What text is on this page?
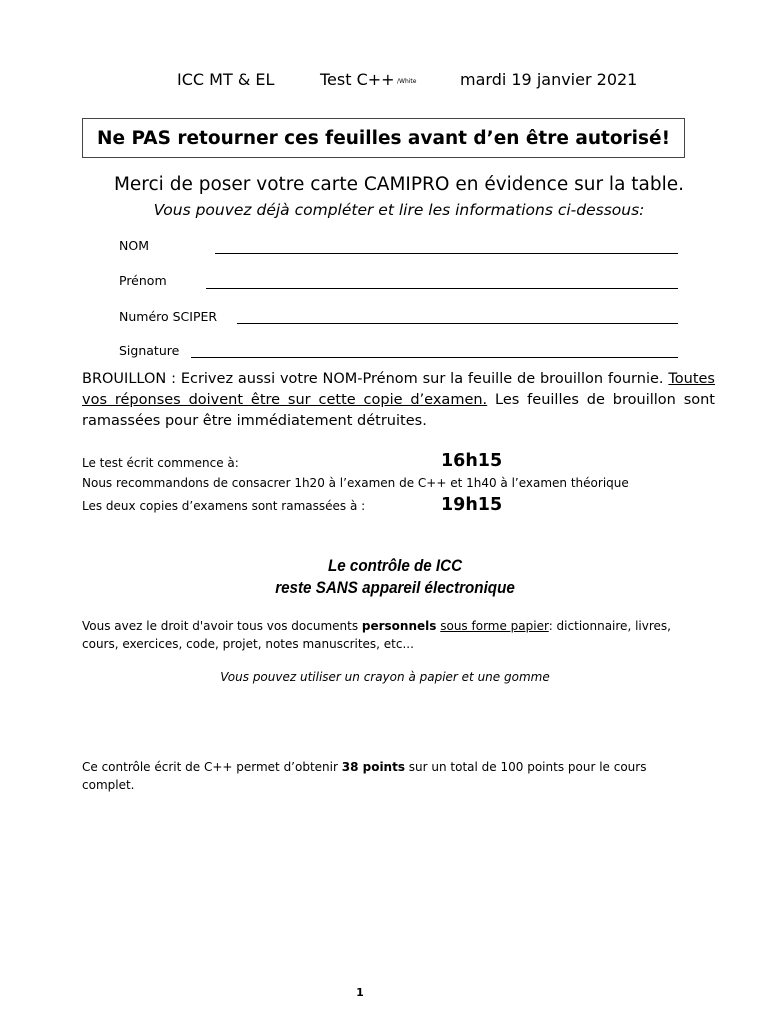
ICC MT & EL	Test C++ /White	mardi 19 janvier 2021
Ne PAS retourner ces feuilles avant d’en être autorisé!
Merci de poser votre carte CAMIPRO en évidence sur la table.
Vous pouvez déjà compléter et lire les informations ci-dessous:
NOM
Prénom
Numéro SCIPER
Signature
BROUILLON : Ecrivez aussi votre NOM-Prénom sur la feuille de brouillon fournie. Toutes vos réponses doivent être sur cette copie d’examen. Les feuilles de brouillon sont ramassées pour être immédiatement détruites.
Le test écrit commence à:	16h15
Nous recommandons de consacrer 1h20 à l’examen de C++ et 1h40 à l’examen théorique
Les deux copies d’examens sont ramassées à :	19h15
Le contrôle de ICC
reste SANS appareil électronique
Vous avez le droit d'avoir tous vos documents personnels sous forme papier: dictionnaire, livres, cours, exercices, code, projet, notes manuscrites, etc...
Vous pouvez utiliser un crayon à papier et une gomme
Ce contrôle écrit de C++ permet d’obtenir 38 points sur un total de 100 points pour le cours complet.
1
